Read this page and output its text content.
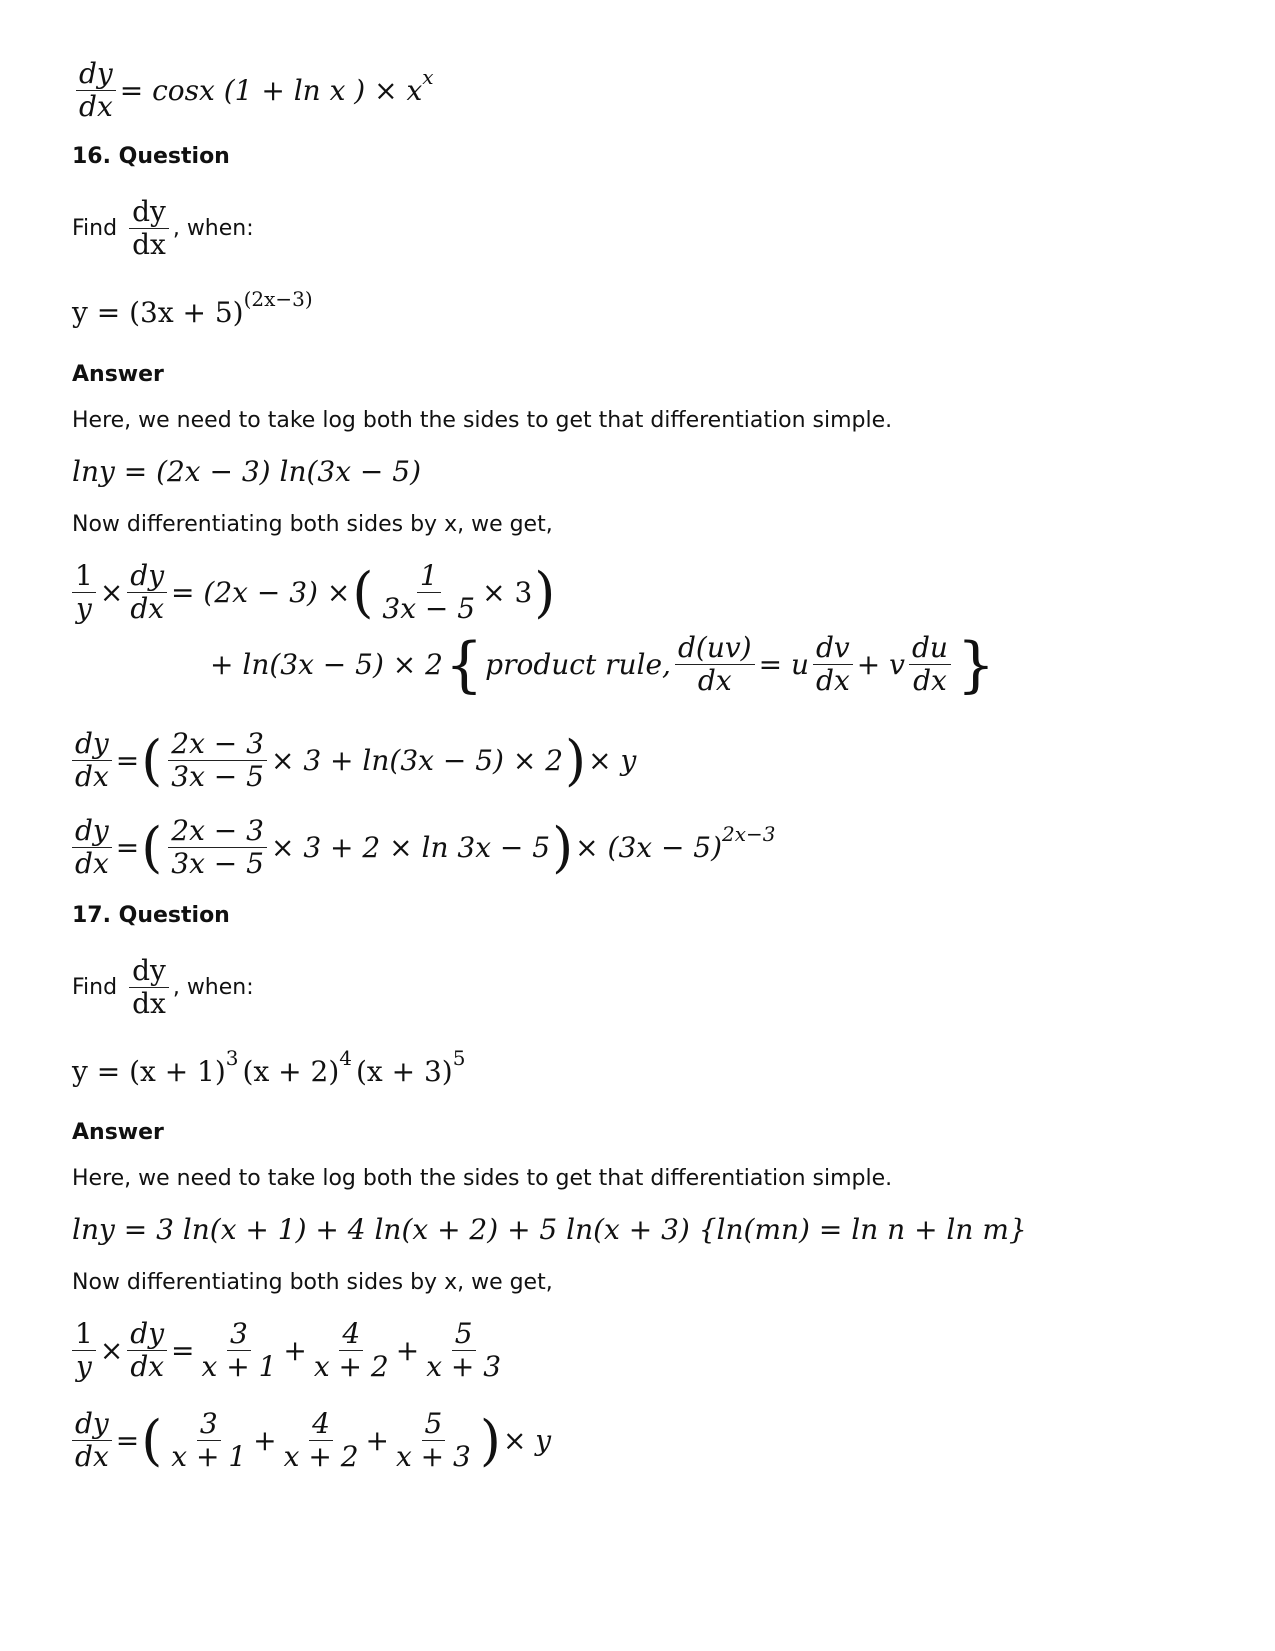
$\frac{dy}{dx} = \cos x$ (1 + ln x ) × x x
16. Question
Find $\frac{dy}{dx}$ , when:
y = (3x + 5) (2x−3)
Answer
Here, we need to take log both the sides to get that differentiation simple.
lny = (2x − 3) ln(3x − 5)
Now differentiating both sides by x, we get,
$\frac{1}{y} \times \frac{dy}{dx} = (2x - 3)$ × ( $\frac{1}{3x - 5} \times 3$ )
+ ln(3x − 5) × 2 { product rule, $\frac{d(uv)}{dx} = u \frac{dv}{dx} + v \frac{du}{dx}$ }
$\frac{dy}{dx}$ = ( $\frac{2x - 3}{3x - 5} \times 3 + \ln(3x - 5) \times 2$ ) × y
$\frac{dy}{dx}$ = ( $\frac{2x - 3}{3x - 5} \times 3 + 2 \times \ln 3x - 5$ ) × (3x − 5) 2x−3
17. Question
Find $\frac{dy}{dx}$ , when:
y = (x + 1) 3 (x + 2) 4 (x + 3) 5
Answer
Here, we need to take log both the sides to get that differentiation simple.
lny = 3 ln(x + 1) + 4 ln(x + 2) + 5 ln(x + 3) {ln(mn) = ln n + ln m}
Now differentiating both sides by x, we get,
$\frac{1}{y} \times \frac{dy}{dx} = \frac{3}{x + 1} + \frac{4}{x + 2} + \frac{5}{x + 3}$
$\frac{dy}{dx}$ = ( $\frac{3}{x + 1} + \frac{4}{x + 2} + \frac{5}{x + 3}$ ) × y
